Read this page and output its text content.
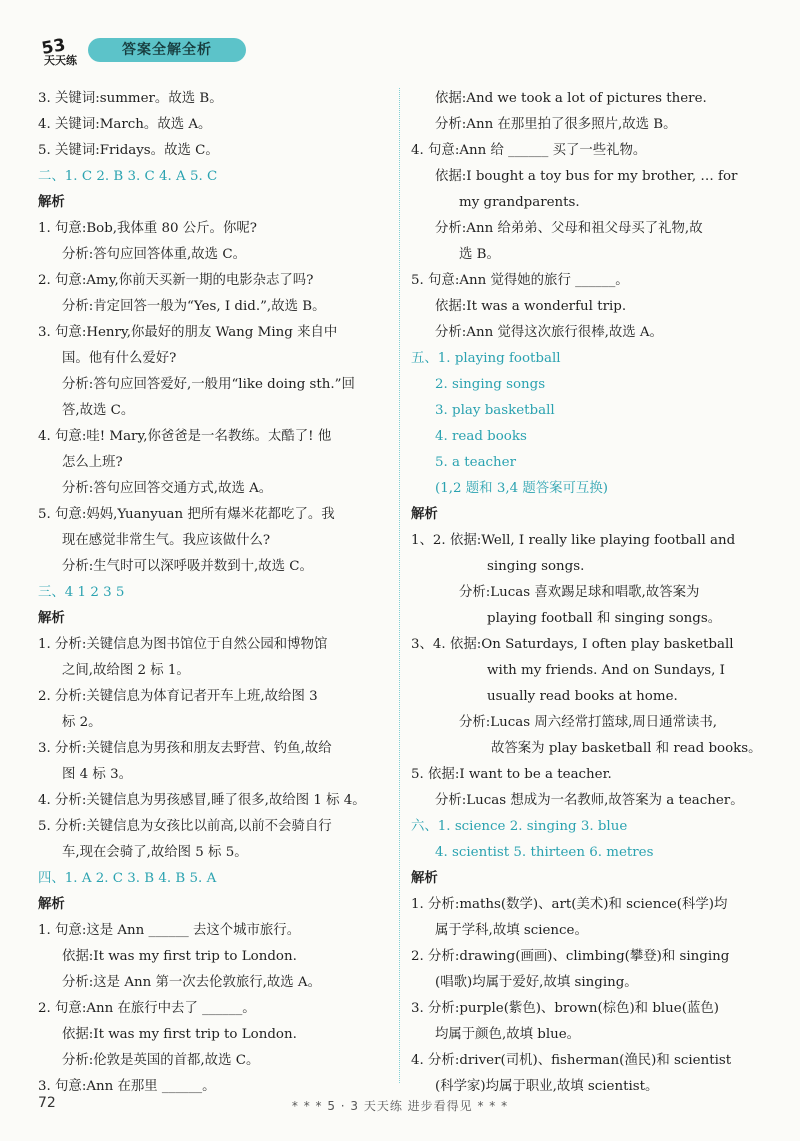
53
天天练
答案全解全析
3. 关键词:summer。故选 B。
4. 关键词:March。故选 A。
5. 关键词:Fridays。故选 C。
二、1. C 2. B 3. C 4. A 5. C
解析
1. 句意:Bob,我体重 80 公斤。你呢?
分析:答句应回答体重,故选 C。
2. 句意:Amy,你前天买新一期的电影杂志了吗?
分析:肯定回答一般为“Yes, I did.”,故选 B。
3. 句意:Henry,你最好的朋友 Wang Ming 来自中
国。他有什么爱好?
分析:答句应回答爱好,一般用“like doing sth.”回
答,故选 C。
4. 句意:哇! Mary,你爸爸是一名教练。太酷了! 他
怎么上班?
分析:答句应回答交通方式,故选 A。
5. 句意:妈妈,Yuanyuan 把所有爆米花都吃了。我
现在感觉非常生气。我应该做什么?
分析:生气时可以深呼吸并数到十,故选 C。
三、4 1 2 3 5
解析
1. 分析:关键信息为图书馆位于自然公园和博物馆
之间,故给图 2 标 1。
2. 分析:关键信息为体育记者开车上班,故给图 3
标 2。
3. 分析:关键信息为男孩和朋友去野营、钓鱼,故给
图 4 标 3。
4. 分析:关键信息为男孩感冒,睡了很多,故给图 1 标 4。
5. 分析:关键信息为女孩比以前高,以前不会骑自行
车,现在会骑了,故给图 5 标 5。
四、1. A 2. C 3. B 4. B 5. A
解析
1. 句意:这是 Ann ______ 去这个城市旅行。
依据:It was my first trip to London.
分析:这是 Ann 第一次去伦敦旅行,故选 A。
2. 句意:Ann 在旅行中去了 ______。
依据:It was my first trip to London.
分析:伦敦是英国的首都,故选 C。
3. 句意:Ann 在那里 ______。
依据:And we took a lot of pictures there.
分析:Ann 在那里拍了很多照片,故选 B。
4. 句意:Ann 给 ______ 买了一些礼物。
依据:I bought a toy bus for my brother, … for
my grandparents.
分析:Ann 给弟弟、父母和祖父母买了礼物,故
选 B。
5. 句意:Ann 觉得她的旅行 ______。
依据:It was a wonderful trip.
分析:Ann 觉得这次旅行很棒,故选 A。
五、1. playing football
2. singing songs
3. play basketball
4. read books
5. a teacher
(1,2 题和 3,4 题答案可互换)
解析
1、2. 依据:Well, I really like playing football and
singing songs.
分析:Lucas 喜欢踢足球和唱歌,故答案为
playing football 和 singing songs。
3、4. 依据:On Saturdays, I often play basketball
with my friends. And on Sundays, I
usually read books at home.
分析:Lucas 周六经常打篮球,周日通常读书,
故答案为 play basketball 和 read books。
5. 依据:I want to be a teacher.
分析:Lucas 想成为一名教师,故答案为 a teacher。
六、1. science 2. singing 3. blue
4. scientist 5. thirteen 6. metres
解析
1. 分析:maths(数学)、art(美术)和 science(科学)均
属于学科,故填 science。
2. 分析:drawing(画画)、climbing(攀登)和 singing
(唱歌)均属于爱好,故填 singing。
3. 分析:purple(紫色)、brown(棕色)和 blue(蓝色)
均属于颜色,故填 blue。
4. 分析:driver(司机)、fisherman(渔民)和 scientist
(科学家)均属于职业,故填 scientist。
72	* * * 5 · 3 天天练 进步看得见 * * *
